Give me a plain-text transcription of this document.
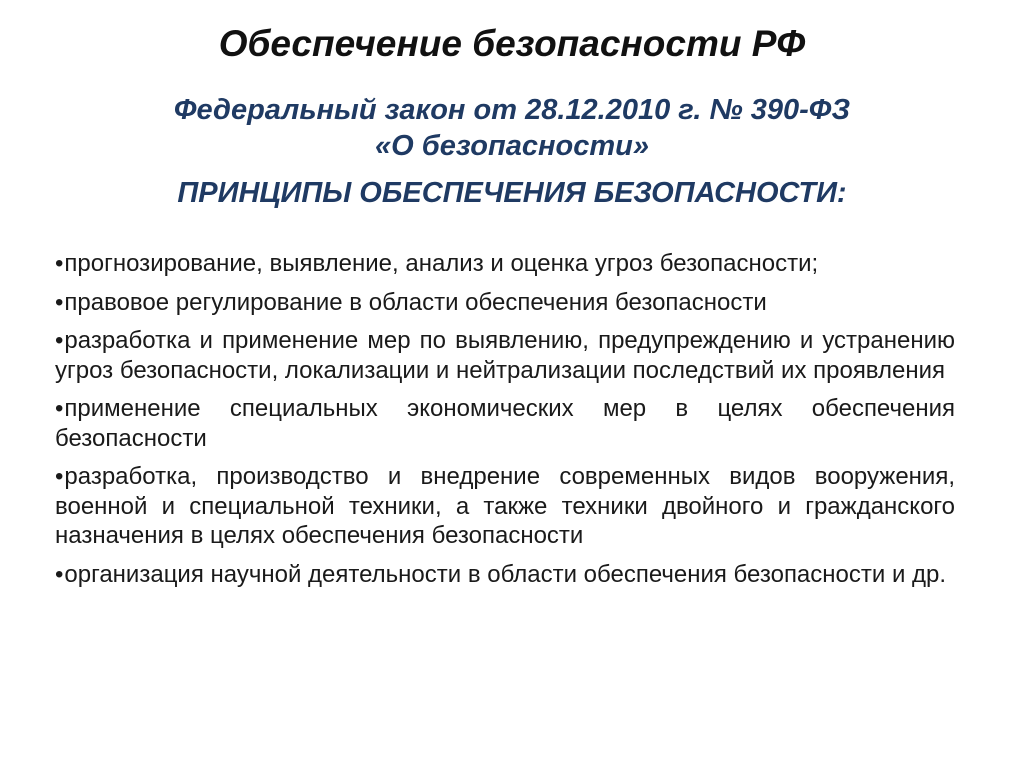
Обеспечение безопасности РФ
Федеральный закон от 28.12.2010 г. № 390-ФЗ
«О безопасности»
ПРИНЦИПЫ ОБЕСПЕЧЕНИЯ БЕЗОПАСНОСТИ:
•прогнозирование, выявление, анализ и оценка угроз безопасности;
•правовое регулирование в области обеспечения безопасности
•разработка и применение мер по выявлению, предупреждению и устранению угроз безопасности, локализации и нейтрализации последствий их проявления
•применение специальных экономических мер в целях обеспечения безопасности
•разработка, производство и внедрение современных видов вооружения, военной и специальной техники, а также техники двойного и гражданского назначения в целях обеспечения безопасности
•организация научной деятельности в области обеспечения безопасности и др.
